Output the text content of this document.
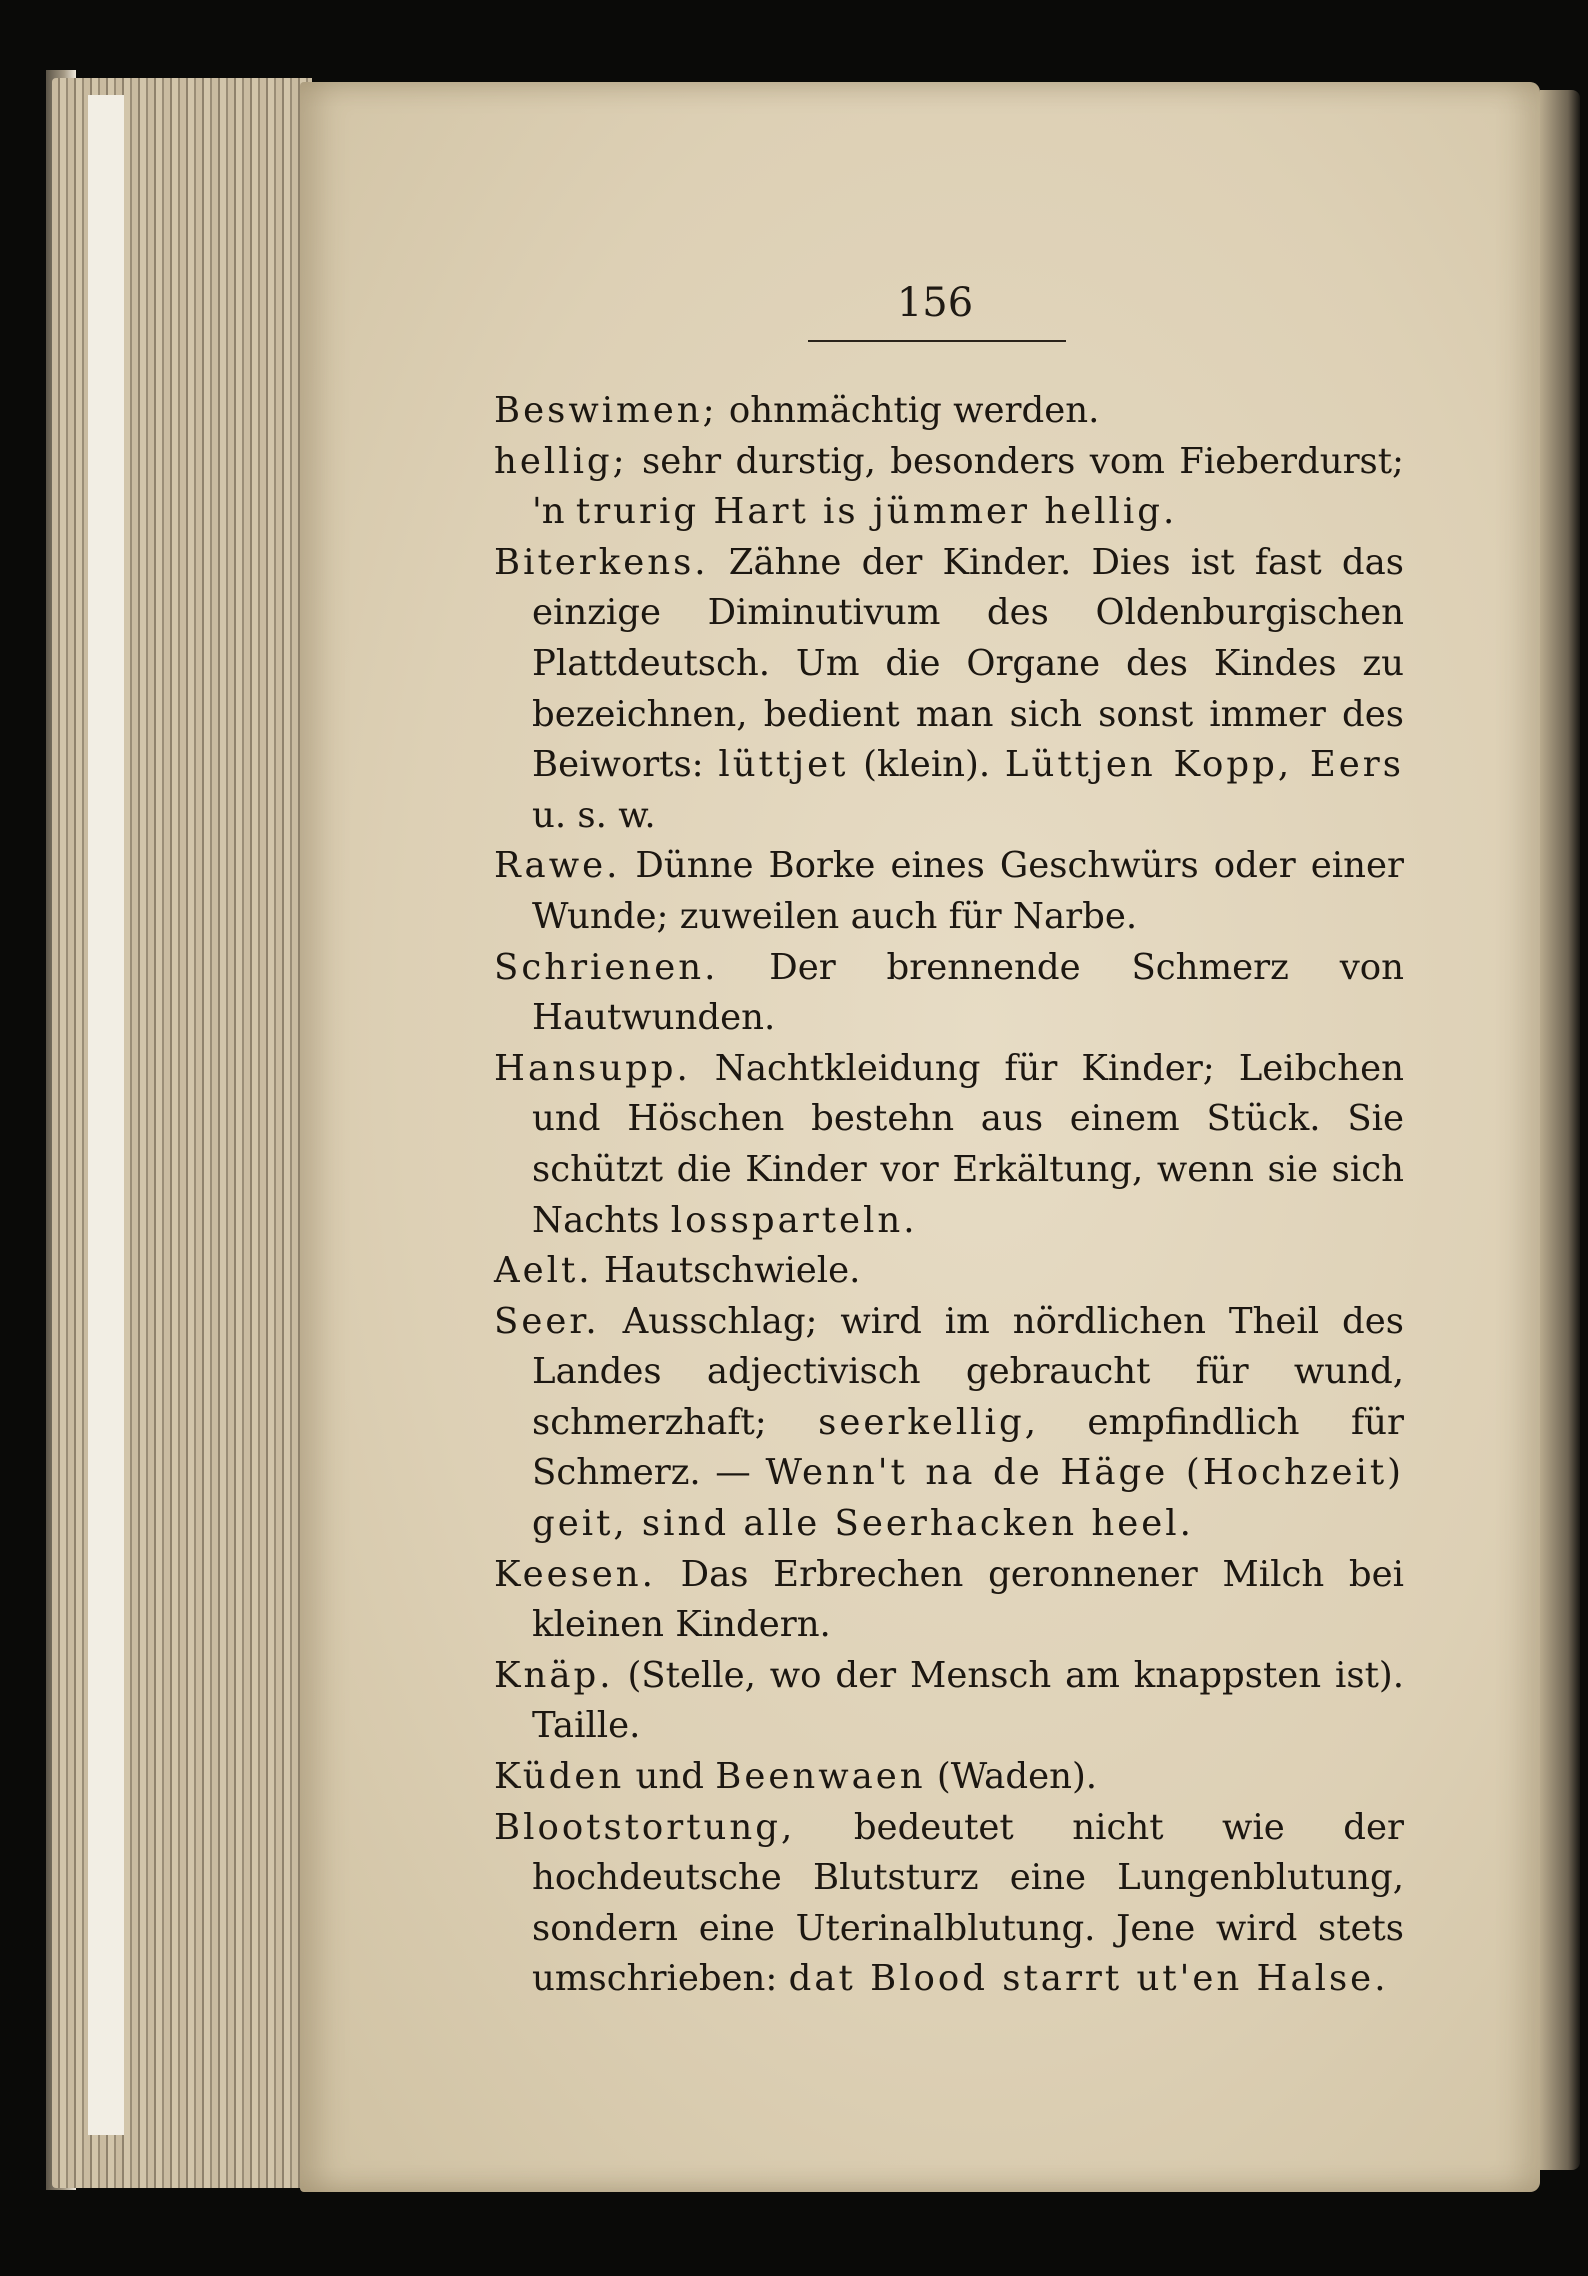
156

Beswimen; ohnmächtig werden.

hellig; sehr durstig, besonders vom Fieberdurst; 'n trurig Hart is jümmer hellig.

Biterkens. Zähne der Kinder. Dies ist fast das einzige Diminutivum des Oldenburgischen Plattdeutsch. Um die Organe des Kindes zu bezeichnen, bedient man sich sonst immer des Beiworts: lüttjet (klein). Lüttjen Kopp, Eers u. s. w.

Rawe. Dünne Borke eines Geschwürs oder einer Wunde; zuweilen auch für Narbe.

Schrienen. Der brennende Schmerz von Hautwunden.

Hansupp. Nachtkleidung für Kinder; Leibchen und Höschen bestehn aus einem Stück. Sie schützt die Kinder vor Erkältung, wenn sie sich Nachts lossparteln.

Aelt. Hautschwiele.

Seer. Ausschlag; wird im nördlichen Theil des Landes adjectivisch gebraucht für wund, schmerzhaft; seerkellig, empfindlich für Schmerz. — Wenn't na de Häge (Hochzeit) geit, sind alle Seerhacken heel.

Keesen. Das Erbrechen geronnener Milch bei kleinen Kindern.

Knäp. (Stelle, wo der Mensch am knappsten ist). Taille.

Küden und Beenwaen (Waden).

Blootstortung, bedeutet nicht wie der hochdeutsche Blutsturz eine Lungenblutung, sondern eine Uterinalblutung. Jene wird stets umschrieben: dat Blood starrt ut'en Halse.
